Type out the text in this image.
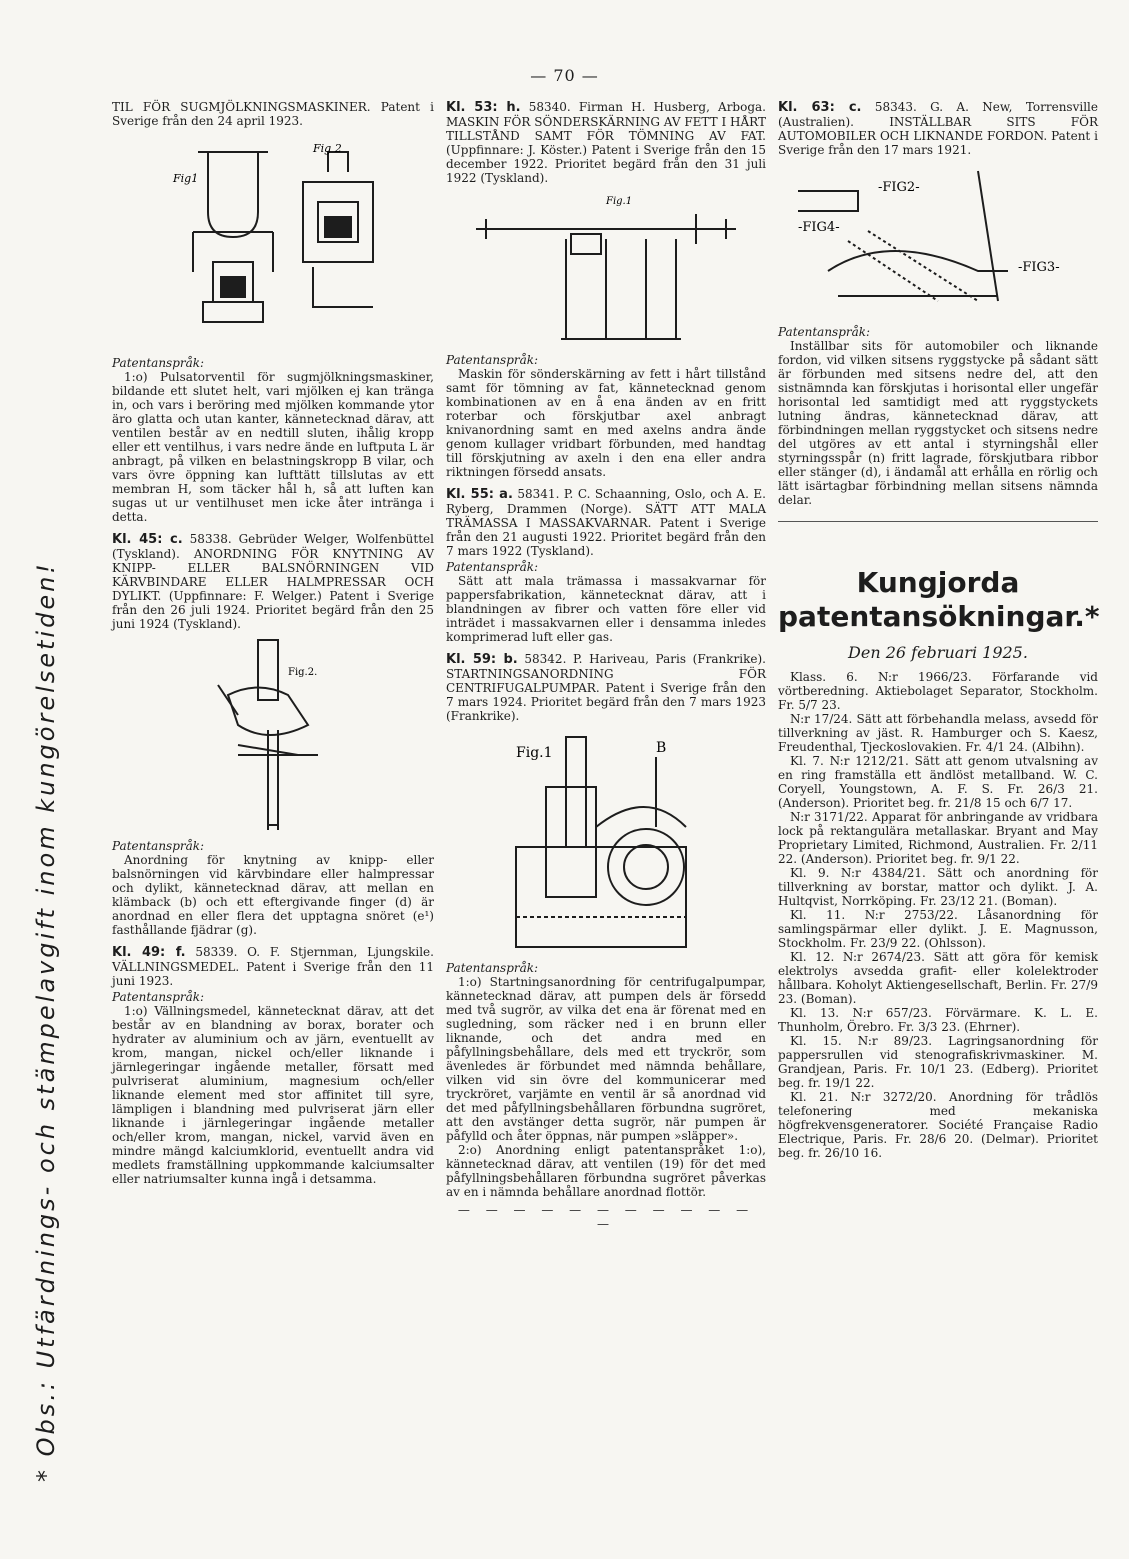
— 70 —
* Obs.: Utfärdnings- och stämpelavgift inom kungörelsetiden!

TIL FÖR SUGMJÖLKNINGSMASKINER. Patent i Sverige från den 24 april 1923.

Fig1
Fig 2

Patentanspråk:

1:o) Pulsatorventil för sugmjölkningsmaskiner, bildande ett slutet helt, vari mjölken ej kan tränga in, och vars i beröring med mjölken kommande ytor äro glatta och utan kanter, kännetecknad därav, att ventilen består av en nedtill sluten, ihålig kropp eller ett ventilhus, i vars nedre ände en luftputa L är anbragt, på vilken en belastningskropp B vilar, och vars övre öppning kan lufttätt tillslutas av ett membran H, som täcker hål h, så att luften kan sugas ut ur ventilhuset men icke åter inträngа i detta.

Kl. 45: c. 58338. Gebrüder Welger, Wolfenbüttel (Tyskland). ANORDNING FÖR KNYTNING AV KNIPP- ELLER BALSNÖRNINGEN VID KÄRVBINDARE ELLER HALMPRESSAR OCH DYLIKT. (Uppfinnare: F. Welger.) Patent i Sverige från den 26 juli 1924. Prioritet begärd från den 25 juni 1924 (Tyskland).

Fig.2.

Patentanspråk:

Anordning för knytning av knipp- eller balsnörningen vid kärvbindare eller halmpressar och dylikt, kännetecknad därav, att mellan en klämback (b) och ett eftergivande finger (d) är anordnad en eller flera det upptagna snöret (e¹) fasthållande fjädrar (g).

Kl. 49: f. 58339. O. F. Stjernman, Ljungskile. VÄLLNINGSMEDEL. Patent i Sverige från den 11 juni 1923.

Patentanspråk:

1:o) Vällningsmedel, kännetecknat därav, att det består av en blandning av borax, borater och hydrater av aluminium och av järn, eventuellt av krom, mangan, nickel och/eller liknande i järnlegeringar ingående metaller, försatt med pulvriserat aluminium, magnesium och/eller liknande element med stor affinitet till syre, lämpligen i blandning med pulvriserat järn eller liknande i järnlegeringar ingående metaller och/eller krom, mangan, nickel, varvid även en mindre mängd kalciumklorid, eventuellt andra vid medlets framställning uppkommande kalciumsalter eller natriumsalter kunna ingå i detsamma.

Kl. 53: h. 58340. Firman H. Husberg, Arboga. MASKIN FÖR SÖNDERSKÄRNING AV FETT I HÅRT TILLSTÅND SAMT FÖR TÖMNING AV FAT. (Uppfinnare: J. Köster.) Patent i Sverige från den 15 december 1922. Prioritet begärd från den 31 juli 1922 (Tyskland).

Fig.1

Patentanspråk:

Maskin för sönderskärning av fett i hårt tillstånd samt för tömning av fat, kännetecknad genom kombinationen av en å ena änden av en fritt roterbar och förskjutbar axel anbragt knivanordning samt en med axelns andra ände genom kullager vridbart förbunden, med handtag till förskjutning av axeln i den ena eller andra riktningen försedd ansats.

Kl. 55: a. 58341. P. C. Schaanning, Oslo, och A. E. Ryberg, Drammen (Norge). SÄTT ATT MALA TRÄMASSA I MASSAKVARNAR. Patent i Sverige från den 21 augusti 1922. Prioritet begärd från den 7 mars 1922 (Tyskland).

Patentanspråk:

Sätt att mala trämassa i massakvarnar för pappersfabrikation, kännetecknat därav, att i blandningen av fibrer och vatten före eller vid inträdet i massakvarnen eller i densamma inledes komprimerad luft eller gas.

Kl. 59: b. 58342. P. Hariveau, Paris (Frankrike). STARTNINGSANORDNING FÖR CENTRIFUGALPUMPAR. Patent i Sverige från den 7 mars 1924. Prioritet begärd från den 7 mars 1923 (Frankrike).

Fig.1	B

Patentanspråk:

1:o) Startningsanordning för centrifugalpumpar, kännetecknad därav, att pumpen dels är försedd med två sugrör, av vilka det ena är förenat med en sugledning, som räcker ned i en brunn eller liknande, och det andra med en påfyllningsbehållare, dels med ett tryckrör, som ävenledes är förbundet med nämnda behållare, vilken vid sin övre del kommunicerar med tryckröret, varjämte en ventil är så anordnad vid det med påfyllningsbehållaren förbundna sugröret, att den avstänger detta sugrör, när pumpen är påfylld och åter öppnas, när pumpen »släpper».

2:o) Anordning enligt patentanspråket 1:o), kännetecknad därav, att ventilen (19) för det med påfyllningsbehållaren förbundna sugröret påverkas av en i nämnda behållare anordnad flottör.

— — — — — — — — — — — —

Kl. 63: c. 58343. G. A. New, Torrensville (Australien). INSTÄLLBAR SITS FÖR AUTOMOBILER OCH LIKNANDE FORDON. Patent i Sverige från den 17 mars 1921.

-FIG2-
-FIG4-
-FIG3-

Patentanspråk:

Inställbar sits för automobiler och liknande fordon, vid vilken sitsens ryggstycke på sådant sätt är förbunden med sitsens nedre del, att den sistnämnda kan förskjutas i horisontal eller ungefär horisontal led samtidigt med att ryggstyckets lutning ändras, kännetecknad därav, att förbindningen mellan ryggstycket och sitsens nedre del utgöres av ett antal i styrningshål eller styrningsspår (n) fritt lagrade, förskjutbara ribbor eller stänger (d), i ändamål att erhålla en rörlig och lätt isärtagbar förbindning mellan sitsens nämnda delar.

Kungjorda patentansökningar.*
Den 26 februari 1925.

Klass. 6. N:r 1966/23. Förfarande vid vörtberedning. Aktiebolaget Separator, Stockholm. Fr. 5/7 23.

N:r 17/24. Sätt att förbehandla melass, avsedd för tillverkning av jäst. R. Hamburger och S. Kaesz, Freudenthal, Tjeckoslovakien. Fr. 4/1 24. (Albihn).

Kl. 7. N:r 1212/21. Sätt att genom utvalsning av en ring framställa ett ändlöst metallband. W. C. Coryell, Youngstown, A. F. S. Fr. 26/3 21. (Anderson). Prioritet beg. fr. 21/8 15 och 6/7 17.

N:r 3171/22. Apparat för anbringande av vridbara lock på rektangulära metallaskar. Bryant and May Proprietary Limited, Richmond, Australien. Fr. 2/11 22. (Anderson). Prioritet beg. fr. 9/1 22.

Kl. 9. N:r 4384/21. Sätt och anordning för tillverkning av borstar, mattor och dylikt. J. A. Hultqvist, Norrköping. Fr. 23/12 21. (Boman).

Kl. 11. N:r 2753/22. Låsanordning för samlingspärmar eller dylikt. J. E. Magnusson, Stockholm. Fr. 23/9 22. (Ohlsson).

Kl. 12. N:r 2674/23. Sätt att göra för kemisk elektrolys avsedda grafit- eller kolelektroder hållbara. Koholyt Aktiengesellschaft, Berlin. Fr. 27/9 23. (Boman).

Kl. 13. N:r 657/23. Förvärmare. K. L. E. Thunholm, Örebro. Fr. 3/3 23. (Ehrner).

Kl. 15. N:r 89/23. Lagringsanordning för pappersrullen vid stenografiskrivmaskiner. M. Grandjean, Paris. Fr. 10/1 23. (Edberg). Prioritet beg. fr. 19/1 22.

Kl. 21. N:r 3272/20. Anordning för trådlös telefonering med mekaniska högfrekvensgeneratorer. Société Française Radio Electrique, Paris. Fr. 28/6 20. (Delmar). Prioritet beg. fr. 26/10 16.
